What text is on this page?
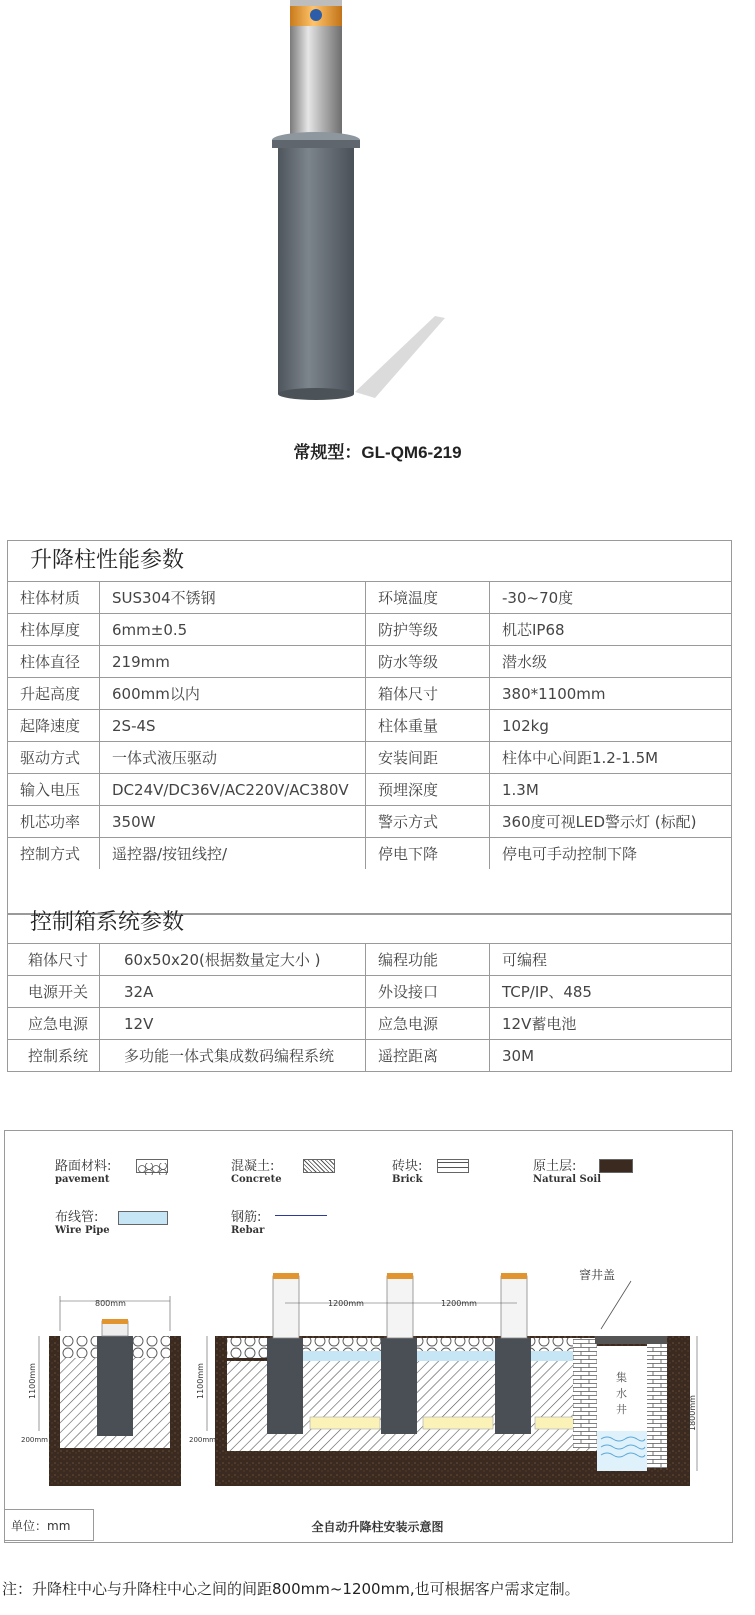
常规型：GL-QM6-219
升降柱性能参数
柱体材质	SUS304不锈钢	环境温度	-30~70度
柱体厚度	6mm±0.5	防护等级	机芯IP68
柱体直径	219mm	防水等级	潜水级
升起高度	600mm以内	箱体尺寸	380*1100mm
起降速度	2S-4S	柱体重量	102kg
驱动方式	一体式液压驱动	安装间距	柱体中心间距1.2-1.5M
输入电压	DC24V/DC36V/AC220V/AC380V	预埋深度	1.3M
机芯功率	350W	警示方式	360度可视LED警示灯 (标配)
控制方式	遥控器/按钮线控/	停电下降	停电可手动控制下降
控制箱系统参数
箱体尺寸	60x50x20(根据数量定大小 )	编程功能	可编程
电源开关	32A	外设接口	TCP/IP、485
应急电源	12V	应急电源	12V蓄电池
控制系统	多功能一体式集成数码编程系统	遥控距离	30M
路面材料:
pavement
混凝土:
Concrete
砖块:
Brick
原土层:
Natural Soil
布线管:
Wire Pipe
钢筋:
Rebar
800mm
1100mm
200mm
窨井盖
集
水
井
1200mm	1200mm
1100mm
200mm
1800mm
单位：mm	全自动升降柱安装示意图
注：升降柱中心与升降柱中心之间的间距800mm~1200mm,也可根据客户需求定制。
